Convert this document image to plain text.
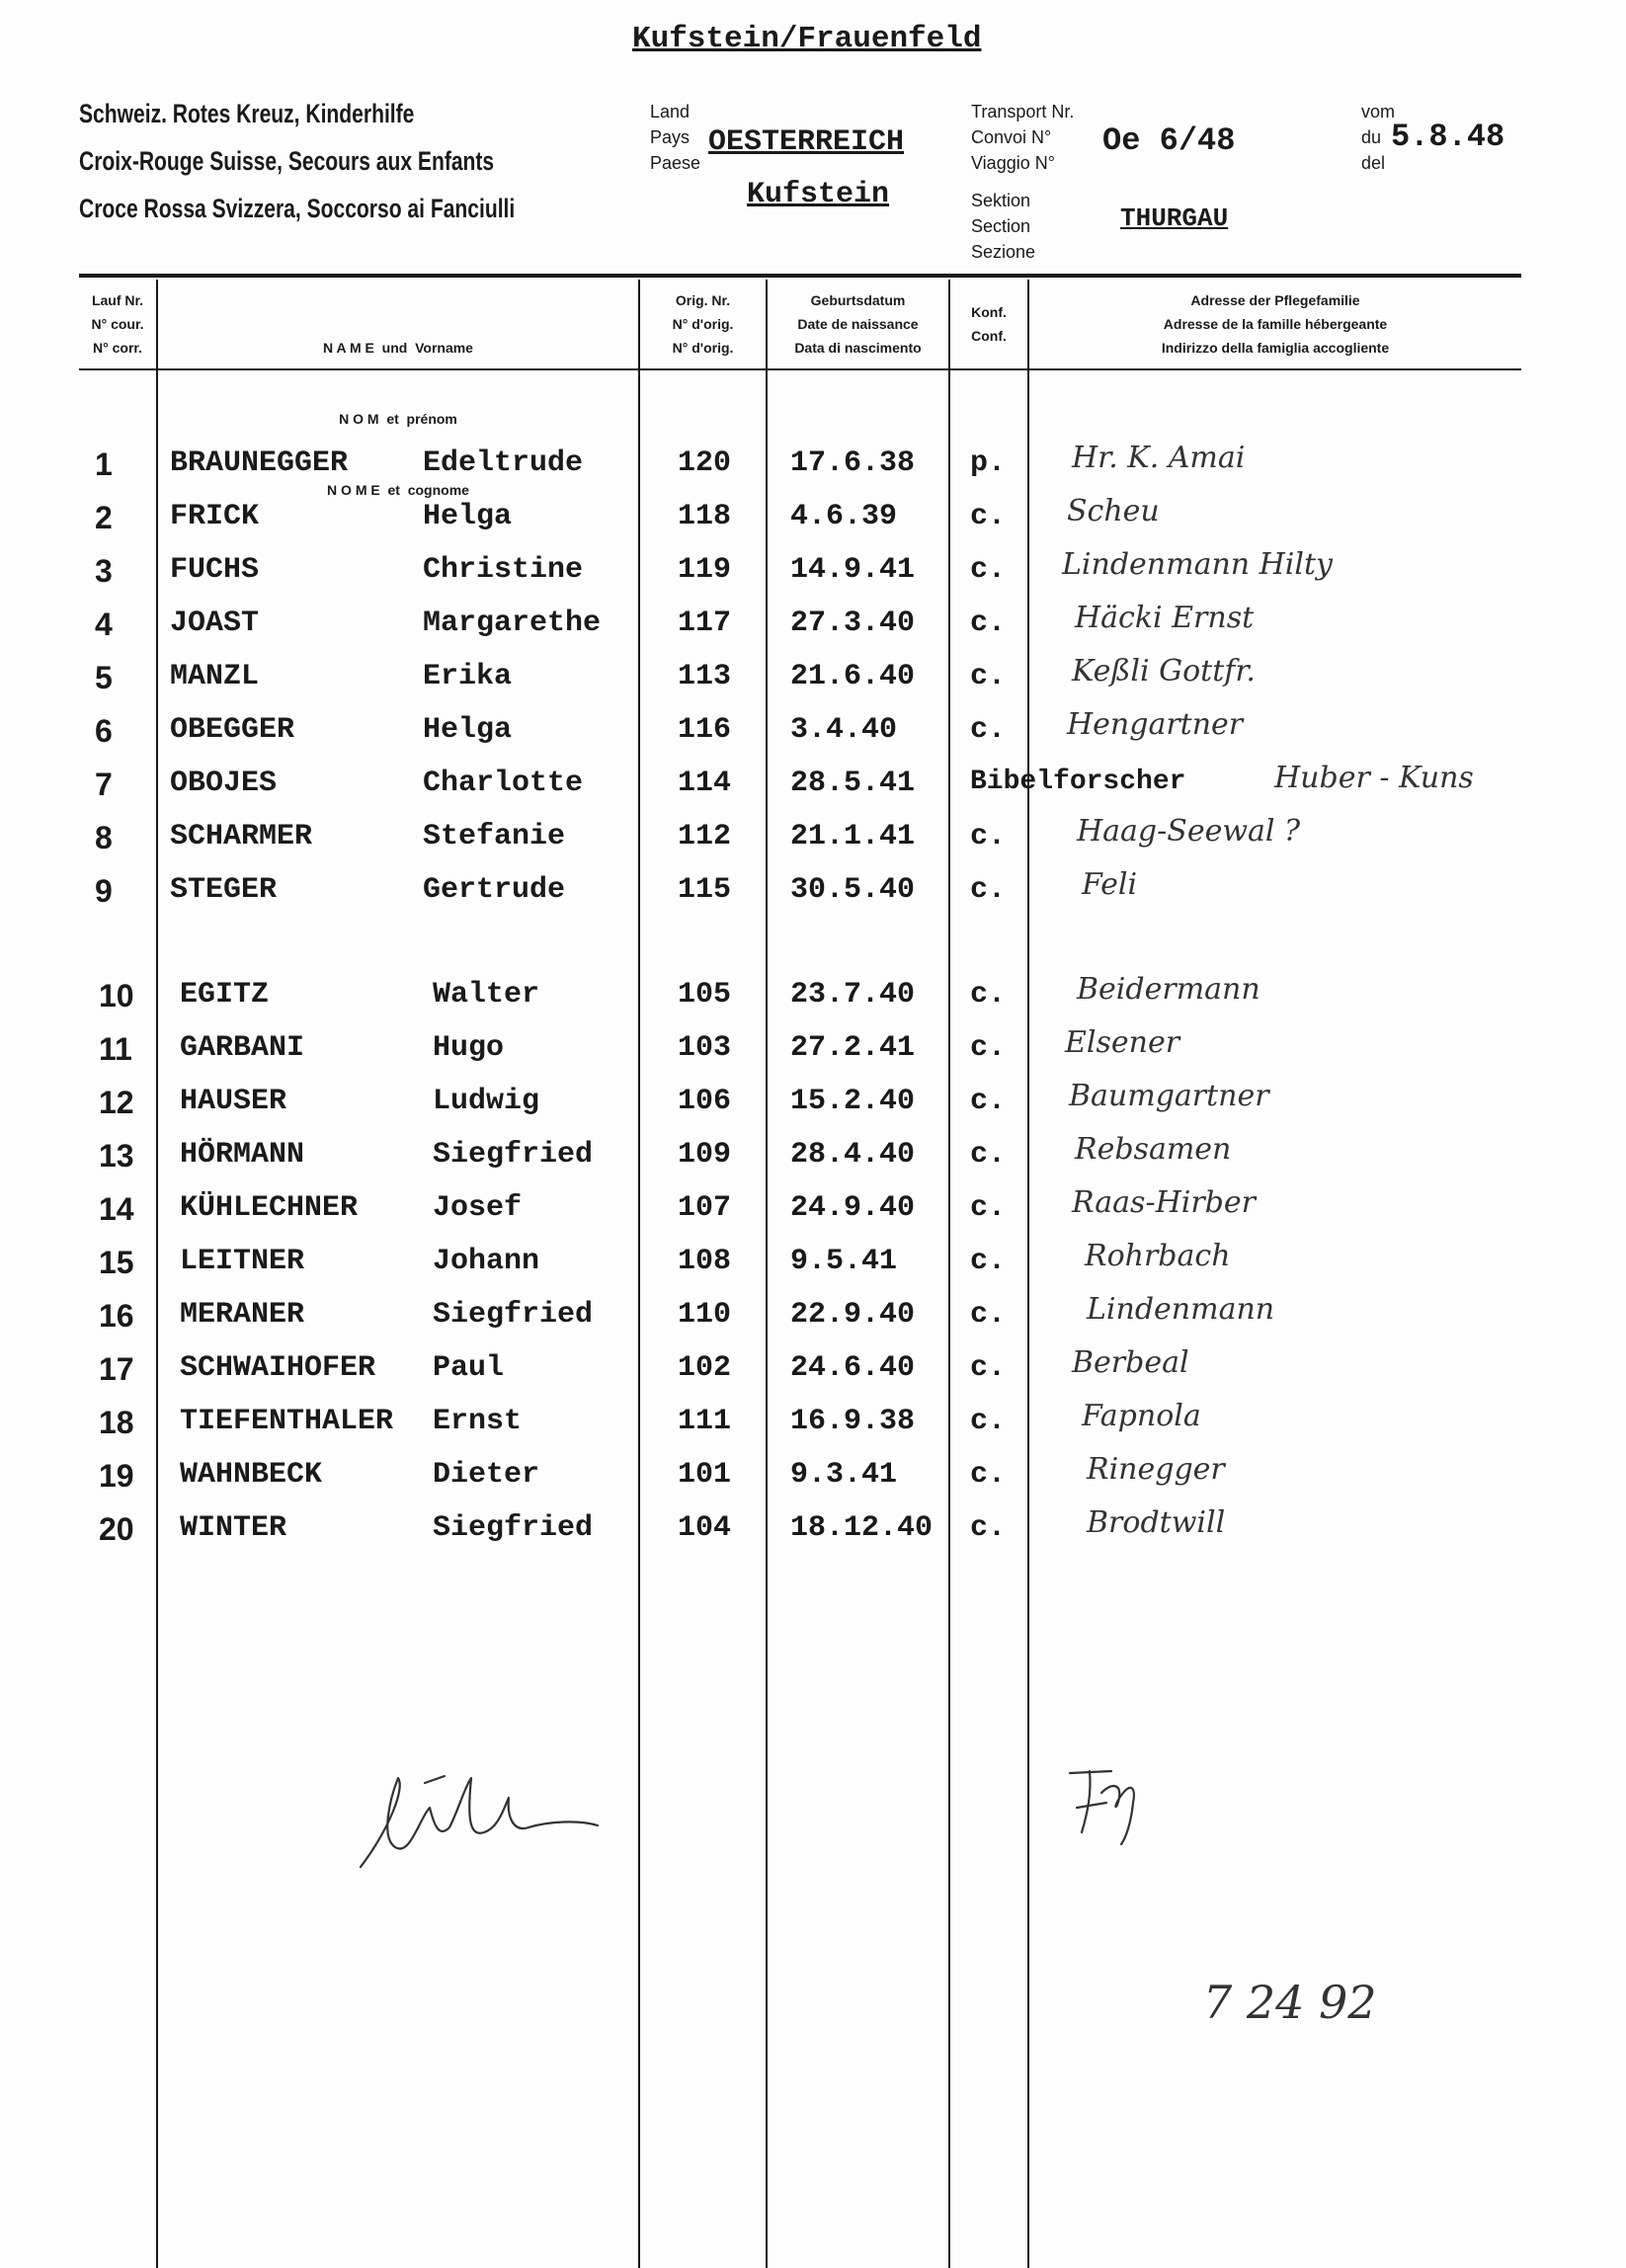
Kufstein/Frauenfeld
Schweiz. Rotes Kreuz, Kinderhilfe
Croix-Rouge Suisse, Secours aux Enfants
Croce Rossa Svizzera, Soccorso ai Fanciulli
Land
Pays
Paese
OESTERREICH
Kufstein
Transport Nr.
Convoi N°
Viaggio N°
Oe 6/48
Sektion
Section
Sezione
THURGAU
vom
du
del
5.8.48
Lauf Nr.
N° cour.
N° corr.

	N A M E  und  Vorname

N O M  et  prénom

N O M E  et  cognome

Orig. Nr.
N° d'orig.
N° d'orig.
Geburtsdatum
Date de naissance
Data di nascimento
Konf.
Conf.
Adresse der Pflegefamilie
Adresse de la famille hébergeante
Indirizzo della famiglia accogliente
1 BRAUNEGGER	Edeltrude	120 17.6.38 p. Hr. K. Amai
2 FRICK	Helga	118 4.6.39 c. Scheu
3 FUCHS	Christine	119 14.9.41 c. Lindenmann Hilty
4 JOAST	Margarethe	117 27.3.40 c. Häcki Ernst
5 MANZL	Erika	113 21.6.40 c. Keßli Gottfr.
6 OBEGGER	Helga	116 3.4.40 c. Hengartner
7 OBOJES	Charlotte	114 28.5.41 Bibelforscher	Huber - Kuns
8 SCHARMER	Stefanie	112 21.1.41 c. Haag-Seewal ?
9 STEGER	Gertrude	115 30.5.40 c.	Feli
10 EGITZ	Walter	105 23.7.40 c. Beidermann
11 GARBANI	Hugo	103 27.2.41 c. Elsener
12 HAUSER	Ludwig	106 15.2.40 c. Baumgartner
13 HÖRMANN	Siegfried	109 28.4.40 c. Rebsamen
14 KÜHLECHNER	Josef	107 24.9.40 c. Raas-Hirber
15 LEITNER	Johann	108 9.5.41 c.	Rohrbach
16 MERANER	Siegfried	110 22.9.40 c.	Lindenmann
17 SCHWAIHOFER Paul	102 24.6.40 c. Berbeal
18 TIEFENTHALER Ernst	111 16.9.38 c.	Fapnola
19 WAHNBECK	Dieter	101 9.3.41 c.	Rinegger
20 WINTER	Siegfried	104 18.12.40 c.	Brodtwill
7 24 92
